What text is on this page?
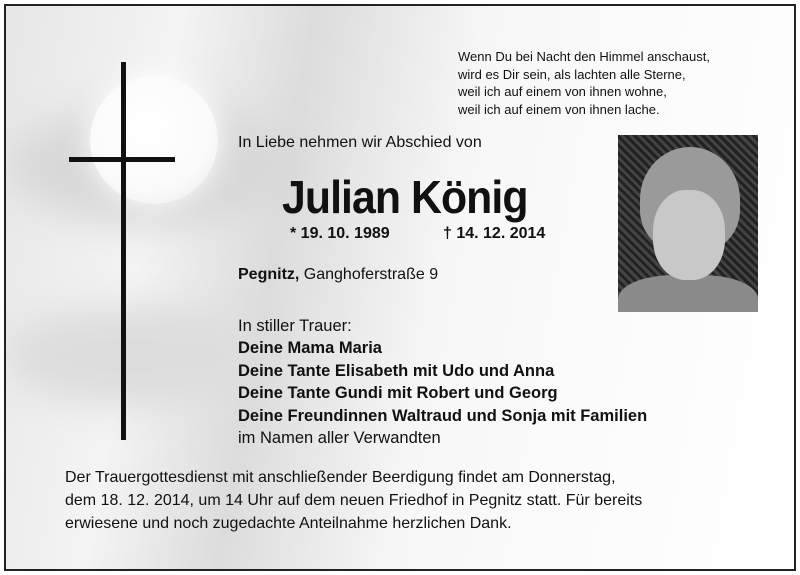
Wenn Du bei Nacht den Himmel anschaust,
wird es Dir sein, als lachten alle Sterne,
weil ich auf einem von ihnen wohne,
weil ich auf einem von ihnen lache.
In Liebe nehmen wir Abschied von
Julian König
* 19. 10. 1989	† 14. 12. 2014
Pegnitz, Ganghoferstraße 9
In stiller Trauer:
Deine Mama Maria
Deine Tante Elisabeth mit Udo und Anna
Deine Tante Gundi mit Robert und Georg
Deine Freundinnen Waltraud und Sonja mit Familien
im Namen aller Verwandten
Der Trauergottesdienst mit anschließender Beerdigung findet am Donnerstag,
dem 18. 12. 2014, um 14 Uhr auf dem neuen Friedhof in Pegnitz statt. Für bereits
erwiesene und noch zugedachte Anteilnahme herzlichen Dank.
